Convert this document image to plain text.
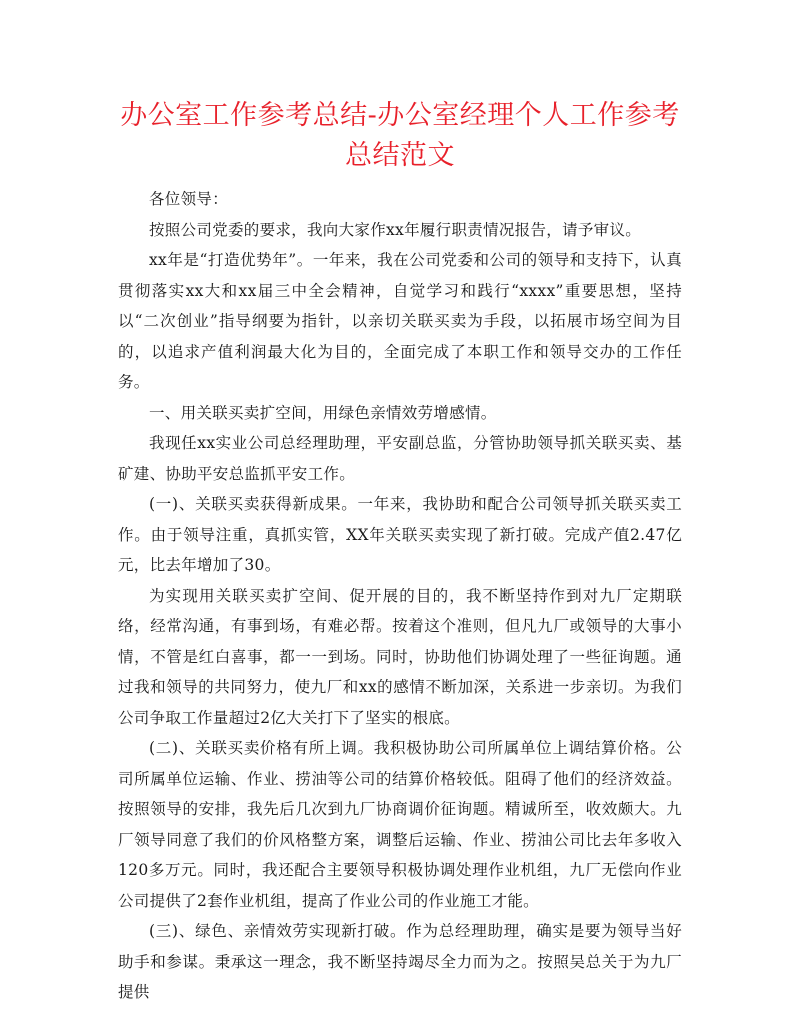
办公室工作参考总结-办公室经理个人工作参考总结范文

各位领导：

按照公司党委的要求，我向大家作xx年履行职责情况报告，请予审议。

xx年是“打造优势年”。一年来，我在公司党委和公司的领导和支持下，认真贯彻落实xx大和xx届三中全会精神，自觉学习和践行“xxxx”重要思想，坚持以“二次创业”指导纲要为指针，以亲切关联买卖为手段，以拓展市场空间为目的，以追求产值利润最大化为目的，全面完成了本职工作和领导交办的工作任务。

一、用关联买卖扩空间，用绿色亲情效劳增感情。

我现任xx实业公司总经理助理，平安副总监，分管协助领导抓关联买卖、基矿建、协助平安总监抓平安工作。

(一)、关联买卖获得新成果。一年来，我协助和配合公司领导抓关联买卖工作。由于领导注重，真抓实管，XX年关联买卖实现了新打破。完成产值2.47亿元，比去年增加了30。

为实现用关联买卖扩空间、促开展的目的，我不断坚持作到对九厂定期联络，经常沟通，有事到场，有难必帮。按着这个准则，但凡九厂或领导的大事小情，不管是红白喜事，都一一到场。同时，协助他们协调处理了一些征询题。通过我和领导的共同努力，使九厂和xx的感情不断加深，关系进一步亲切。为我们公司争取工作量超过2亿大关打下了坚实的根底。

(二)、关联买卖价格有所上调。我积极协助公司所属单位上调结算价格。公司所属单位运输、作业、捞油等公司的结算价格较低。阻碍了他们的经济效益。按照领导的安排，我先后几次到九厂协商调价征询题。精诚所至，收效颇大。九厂领导同意了我们的价风格整方案，调整后运输、作业、捞油公司比去年多收入120多万元。同时，我还配合主要领导积极协调处理作业机组，九厂无偿向作业公司提供了2套作业机组，提高了作业公司的作业施工才能。

(三)、绿色、亲情效劳实现新打破。作为总经理助理，确实是要为领导当好助手和参谋。秉承这一理念，我不断坚持竭尽全力而为之。按照吴总关于为九厂提供
